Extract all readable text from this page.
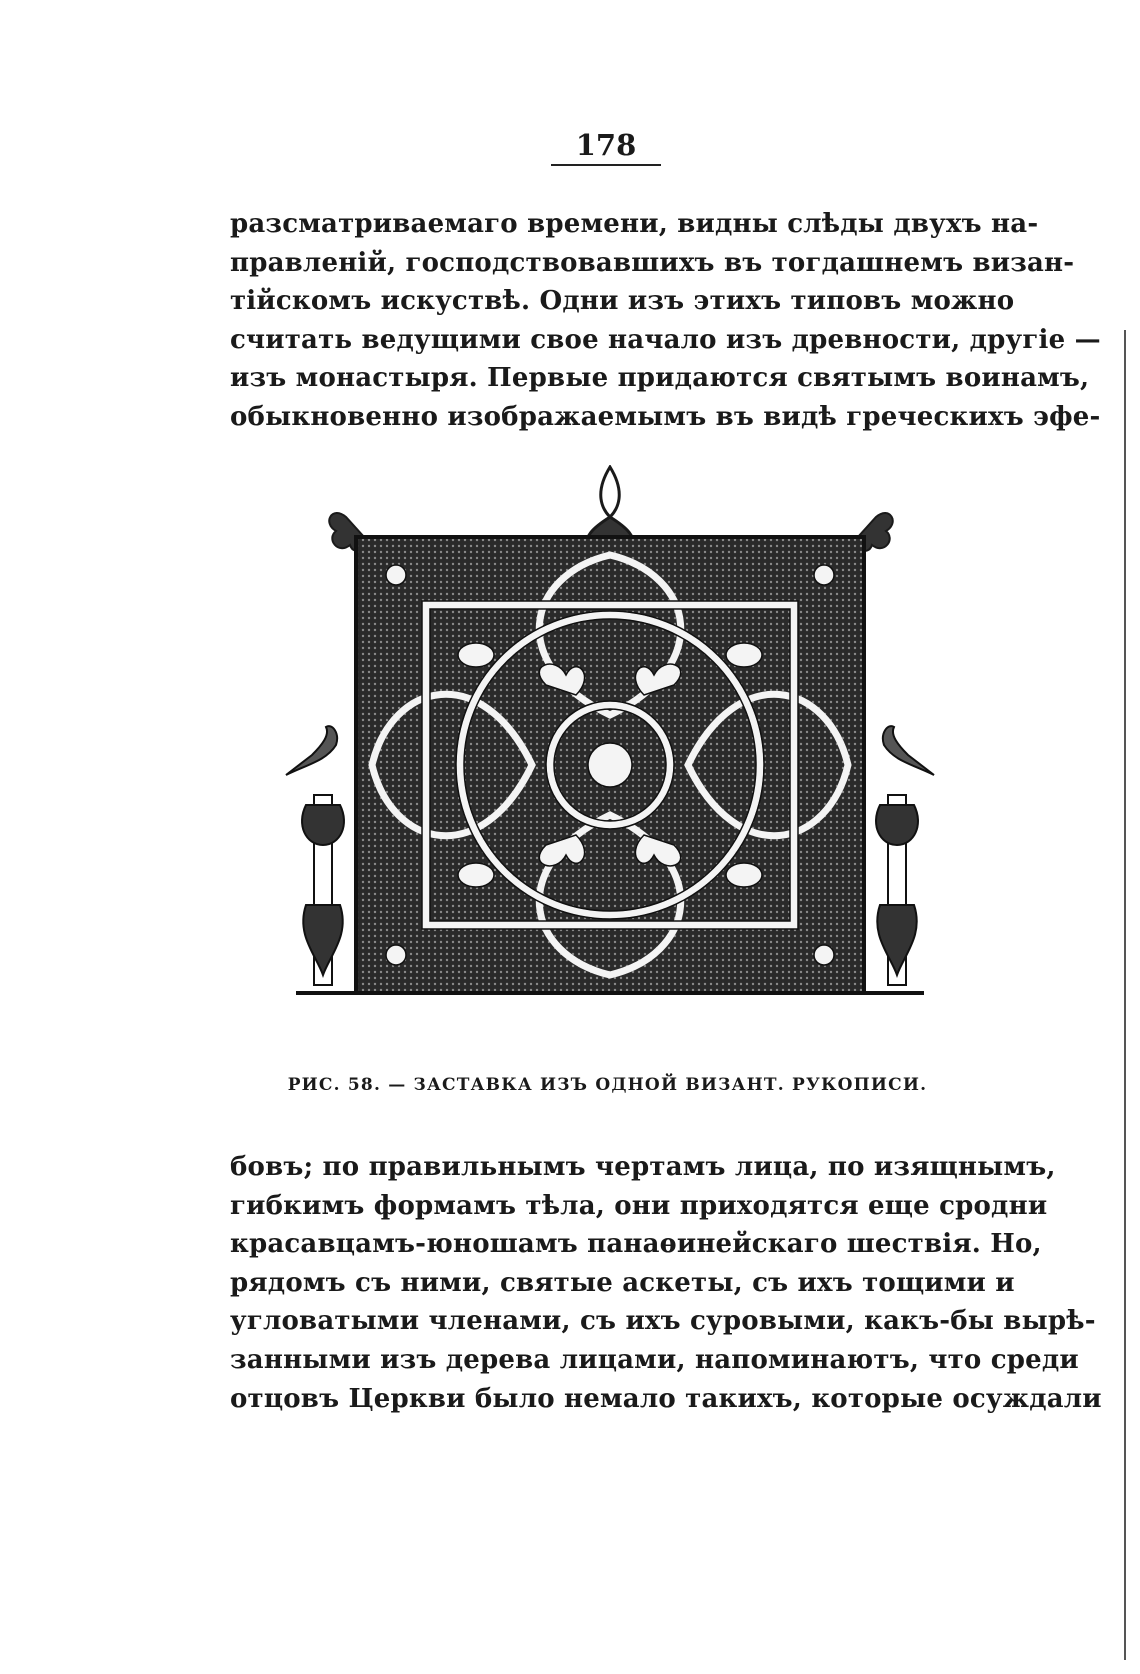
178
разсматриваемаго времени, видны слѣды двухъ на-
правленій, господствовавшихъ въ тогдашнемъ визан-
тійскомъ искуствѣ. Одни изъ этихъ типовъ можно
считать ведущими свое начало изъ древности, другіе —
изъ монастыря. Первые придаются святымъ воинамъ,
обыкновенно изображаемымъ въ видѣ греческихъ эфе-
РИС. 58. — ЗАСТАВКА ИЗЪ ОДНОЙ ВИЗАНТ. РУКОПИСИ.
бовъ; по правильнымъ чертамъ лица, по изящнымъ,
гибкимъ формамъ тѣла, они приходятся еще сродни
красавцамъ-юношамъ панаѳинейскаго шествія. Но,
рядомъ съ ними, святые аскеты, съ ихъ тощими и
угловатыми членами, съ ихъ суровыми, какъ-бы вырѣ-
занными изъ дерева лицами, напоминаютъ, что среди
отцовъ Церкви было немало такихъ, которые осуждали
